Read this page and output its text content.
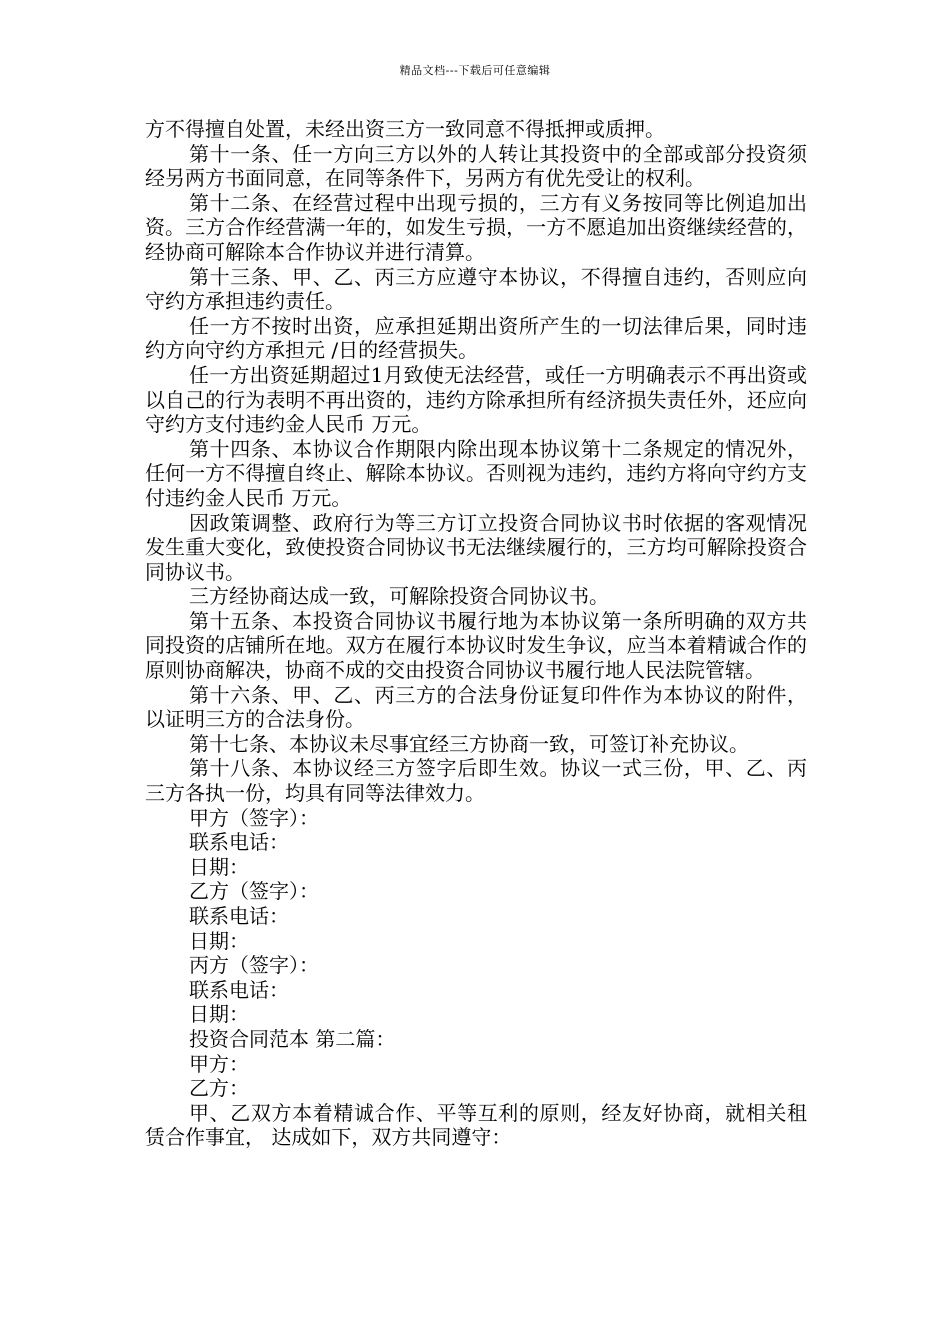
精品文档---下载后可任意编辑

方不得擅自处置，未经出资三方一致同意不得抵押或质押。

第十一条、任一方向三方以外的人转让其投资中的全部或部分投资须经另两方书面同意，在同等条件下，另两方有优先受让的权利。

第十二条、在经营过程中出现亏损的，三方有义务按同等比例追加出资。三方合作经营满一年的，如发生亏损，一方不愿追加出资继续经营的，经协商可解除本合作协议并进行清算。

第十三条、甲、乙、丙三方应遵守本协议，不得擅自违约，否则应向守约方承担违约责任。

任一方不按时出资，应承担延期出资所产生的一切法律后果，同时违约方向守约方承担元 /日的经营损失。

任一方出资延期超过1月致使无法经营，或任一方明确表示不再出资或以自己的行为表明不再出资的，违约方除承担所有经济损失责任外，还应向守约方支付违约金人民币 万元。

第十四条、本协议合作期限内除出现本协议第十二条规定的情况外，任何一方不得擅自终止、解除本协议。否则视为违约，违约方将向守约方支付违约金人民币 万元。

因政策调整、政府行为等三方订立投资合同协议书时依据的客观情况发生重大变化，致使投资合同协议书无法继续履行的，三方均可解除投资合同协议书。

三方经协商达成一致，可解除投资合同协议书。

第十五条、本投资合同协议书履行地为本协议第一条所明确的双方共同投资的店铺所在地。双方在履行本协议时发生争议，应当本着精诚合作的原则协商解决，协商不成的交由投资合同协议书履行地人民法院管辖。

第十六条、甲、乙、丙三方的合法身份证复印件作为本协议的附件，以证明三方的合法身份。

第十七条、本协议未尽事宜经三方协商一致，可签订补充协议。

第十八条、本协议经三方签字后即生效。协议一式三份，甲、乙、丙三方各执一份，均具有同等法律效力。

甲方（签字）：

联系电话：

日期：

乙方（签字）：

联系电话：

日期：

丙方（签字）：

联系电话：

日期：

投资合同范本 第二篇：

甲方：

乙方：

甲、乙双方本着精诚合作、平等互利的原则，经友好协商，就相关租赁合作事宜， 达成如下，双方共同遵守：
